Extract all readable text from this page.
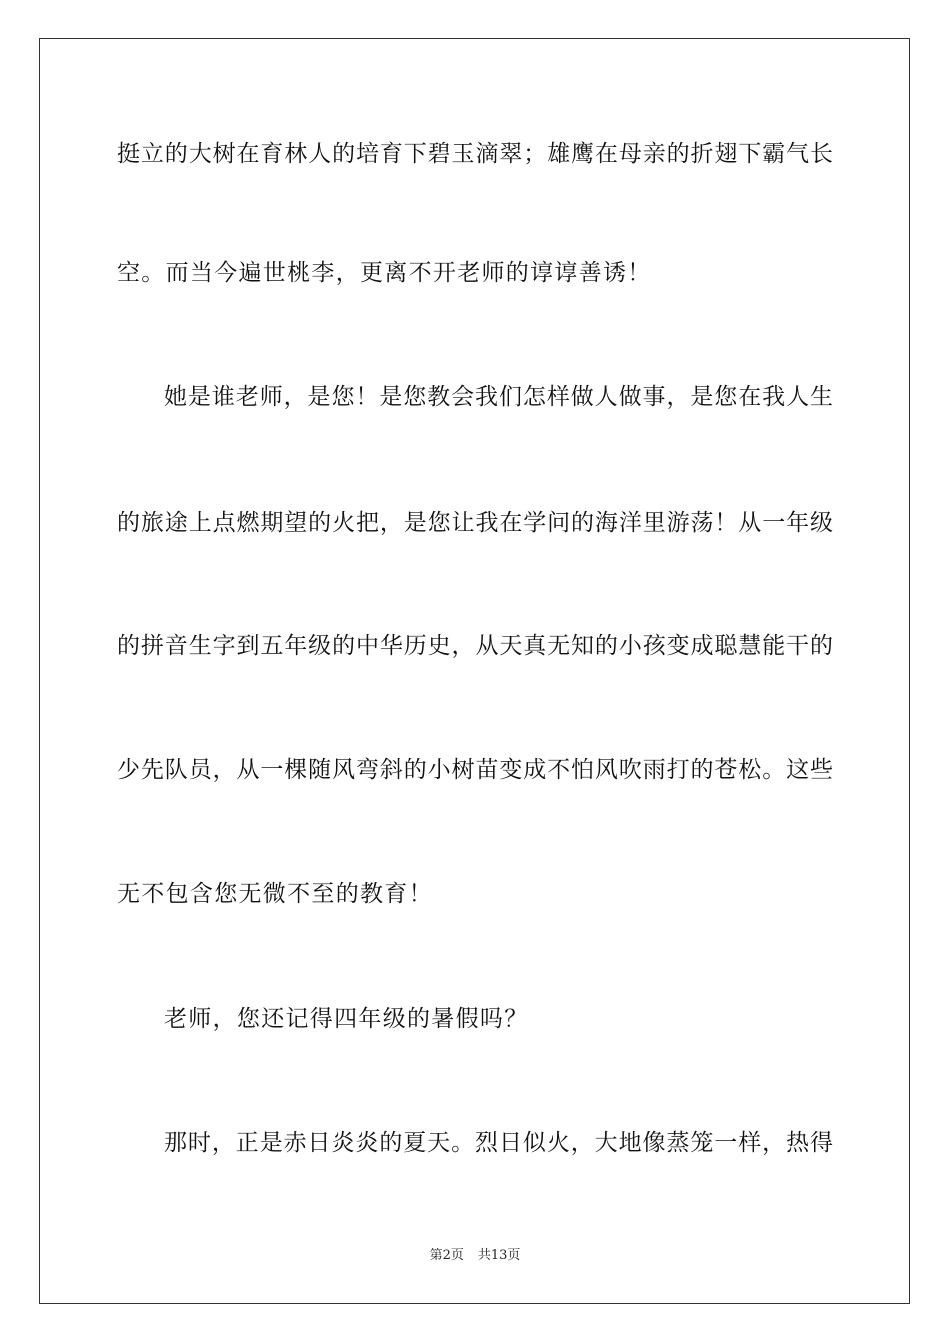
挺立的大树在育林人的培育下碧玉滴翠；雄鹰在母亲的折翅下霸气长
空。而当今遍世桃李，更离不开老师的谆谆善诱！
她是谁老师，是您！是您教会我们怎样做人做事，是您在我人生
的旅途上点燃期望的火把，是您让我在学问的海洋里游荡！从一年级
的拼音生字到五年级的中华历史，从天真无知的小孩变成聪慧能干的
少先队员，从一棵随风弯斜的小树苗变成不怕风吹雨打的苍松。这些
无不包含您无微不至的教育！
老师，您还记得四年级的暑假吗？
那时，正是赤日炎炎的夏天。烈日似火，大地像蒸笼一样，热得
第2页 共13页
